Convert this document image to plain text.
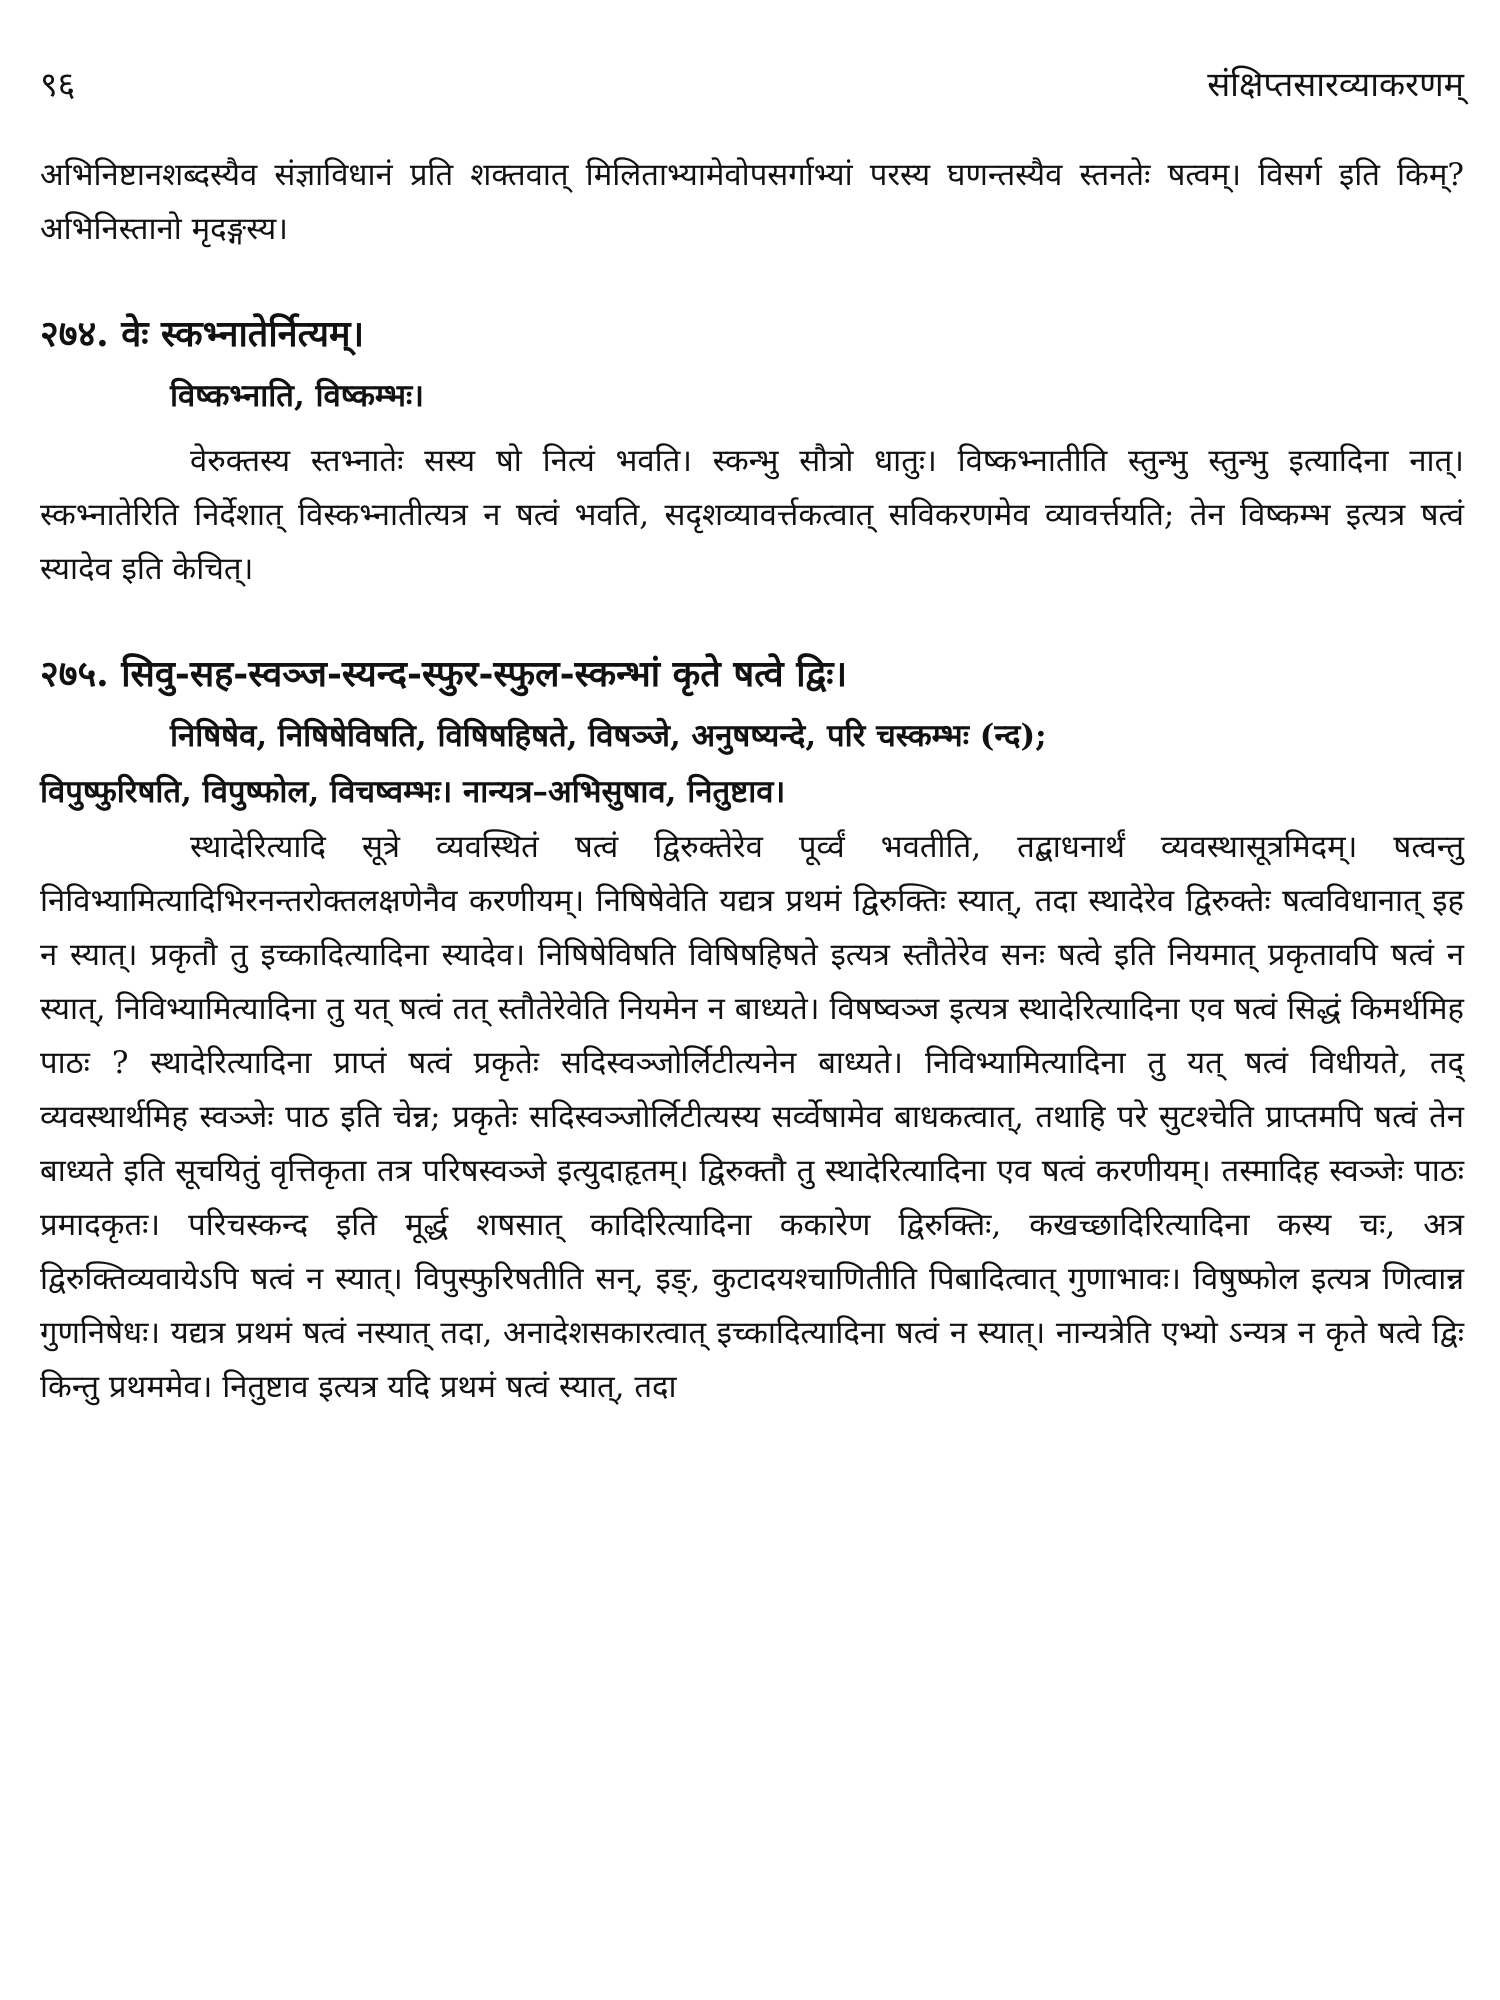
९६	संक्षिप्तसारव्याकरणम्

अभिनिष्टानशब्दस्यैव संज्ञाविधानं प्रति शक्तवात् मिलिताभ्यामेवोपसर्गाभ्यां परस्य घणन्तस्यैव स्तनतेः षत्वम्। विसर्ग इति किम्? अभिनिस्तानो मृदङ्गस्य।

२७४. वेः स्कभ्नातेर्नित्यम्।

विष्कभ्नाति, विष्कम्भः।

वेरुक्तस्य स्तभ्नातेः सस्य षो नित्यं भवति। स्कन्भु सौत्रो धातुः। विष्कभ्नातीति स्तुन्भु स्तुन्भु इत्यादिना नात्। स्कभ्नातेरिति निर्देशात् विस्कभ्नातीत्यत्र न षत्वं भवति, सदृशव्यावर्त्तकत्वात् सविकरणमेव व्यावर्त्तयति; तेन विष्कम्भ इत्यत्र षत्वं स्यादेव इति केचित्।

२७५. सिवु-सह-स्वञ्ज-स्यन्द-स्फुर-स्फुल-स्कन्भां कृते षत्वे द्विः।

निषिषेव, निषिषेविषति, विषिषहिषते, विषञ्जे, अनुषष्यन्दे, परि चस्कम्भः (न्द);

विपुष्फुरिषति, विपुष्फोल, विचष्वम्भः। नान्यत्र–अभिसुषाव, नितुष्टाव।

स्थादेरित्यादि सूत्रे व्यवस्थितं षत्वं द्विरुक्तेरेव पूर्व्वं भवतीति, तद्बाधनार्थं व्यवस्थासूत्रमिदम्। षत्वन्तु निविभ्यामित्यादिभिरनन्तरोक्तलक्षणेनैव करणीयम्। निषिषेवेति यद्यत्र प्रथमं द्विरुक्तिः स्यात्, तदा स्थादेरेव द्विरुक्तेः षत्वविधानात् इह न स्यात्। प्रकृतौ तु इच्कादित्यादिना स्यादेव। निषिषेविषति विषिषहिषते इत्यत्र स्तौतेरेव सनः षत्वे इति नियमात् प्रकृतावपि षत्वं न स्यात्, निविभ्यामित्यादिना तु यत् षत्वं तत् स्तौतेरेवेति नियमेन न बाध्यते। विषष्वञ्ज इत्यत्र स्थादेरित्यादिना एव षत्वं सिद्धं किमर्थमिह पाठः ? स्थादेरित्यादिना प्राप्तं षत्वं प्रकृतेः सदिस्वञ्जोर्लिटीत्यनेन बाध्यते। निविभ्यामित्यादिना तु यत् षत्वं विधीयते, तद् व्यवस्थार्थमिह स्वञ्जेः पाठ इति चेन्न; प्रकृतेः सदिस्वञ्जोर्लिटीत्यस्य सर्व्वेषामेव बाधकत्वात्, तथाहि परे सुटश्चेति प्राप्तमपि षत्वं तेन बाध्यते इति सूचयितुं वृत्तिकृता तत्र परिषस्वञ्जे इत्युदाहृतम्। द्विरुक्तौ तु स्थादेरित्यादिना एव षत्वं करणीयम्। तस्मादिह स्वञ्जेः पाठः प्रमादकृतः। परिचस्कन्द इति मूर्द्ध शषसात् कादिरित्यादिना ककारेण द्विरुक्तिः, कखच्छादिरित्यादिना कस्य चः, अत्र द्विरुक्तिव्यवायेऽपि षत्वं न स्यात्। विपुस्फुरिषतीति सन्, इङ्, कुटादयश्चाणितीति पिबादित्वात् गुणाभावः। विषुष्फोल इत्यत्र णित्वान्न गुणनिषेधः। यद्यत्र प्रथमं षत्वं नस्यात् तदा, अनादेशसकारत्वात् इच्कादित्यादिना षत्वं न स्यात्। नान्यत्रेति एभ्यो ऽन्यत्र न कृते षत्वे द्विः किन्तु प्रथममेव। नितुष्टाव इत्यत्र यदि प्रथमं षत्वं स्यात्, तदा
